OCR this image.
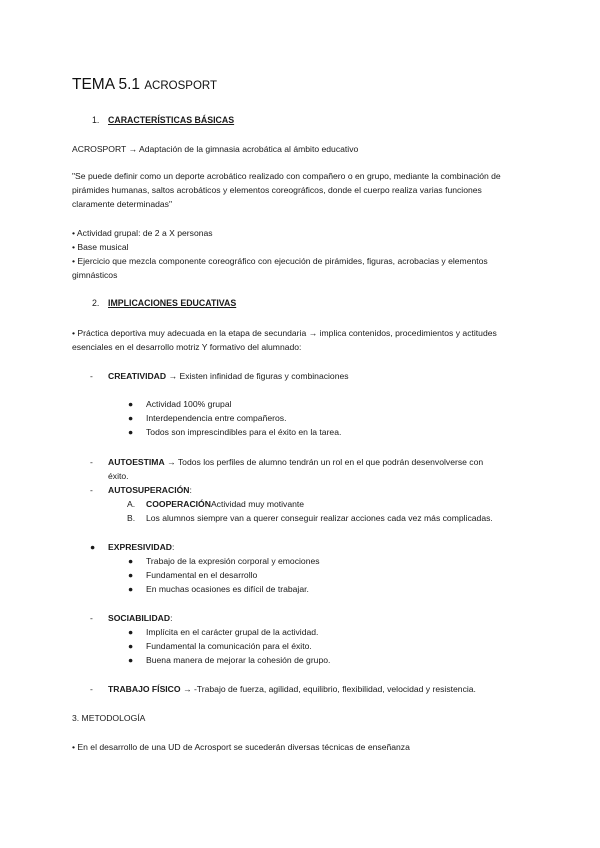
TEMA 5.1 ACROSPORT
1. CARACTERÍSTICAS BÁSICAS
ACROSPORT → Adaptación de la gimnasia acrobática al ámbito educativo
"Se puede definir como un deporte acrobático realizado con compañero o en grupo, mediante la combinación de
pirámides humanas, saltos acrobáticos y elementos coreográficos, donde el cuerpo realiza varias funciones
claramente determinadas"
• Actividad grupal: de 2 a X personas
• Base musical
• Ejercicio que mezcla componente coreográfico con ejecución de pirámides, figuras, acrobacias y elementos
gimnásticos
2. IMPLICACIONES EDUCATIVAS
• Práctica deportiva muy adecuada en la etapa de secundaria → implica contenidos, procedimientos y actitudes
esenciales en el desarrollo motriz Y formativo del alumnado:
- CREATIVIDAD → Existen infinidad de figuras y combinaciones
● Actividad 100% grupal
● Interdependencia entre compañeros.
● Todos son imprescindibles para el éxito en la tarea.
- AUTOESTIMA → Todos los perfiles de alumno tendrán un rol en el que podrán desenvolverse con
éxito.
- AUTOSUPERACIÓN:
A. COOPERACIÓNActividad muy motivante
B. Los alumnos siempre van a querer conseguir realizar acciones cada vez más complicadas.
● EXPRESIVIDAD:
● Trabajo de la expresión corporal y emociones
● Fundamental en el desarrollo
● En muchas ocasiones es difícil de trabajar.
- SOCIABILIDAD:
● Implícita en el carácter grupal de la actividad.
● Fundamental la comunicación para el éxito.
● Buena manera de mejorar la cohesión de grupo.
- TRABAJO FÍSICO → -Trabajo de fuerza, agilidad, equilibrio, flexibilidad, velocidad y resistencia.
3. METODOLOGÍA
• En el desarrollo de una UD de Acrosport se sucederán diversas técnicas de enseñanza
